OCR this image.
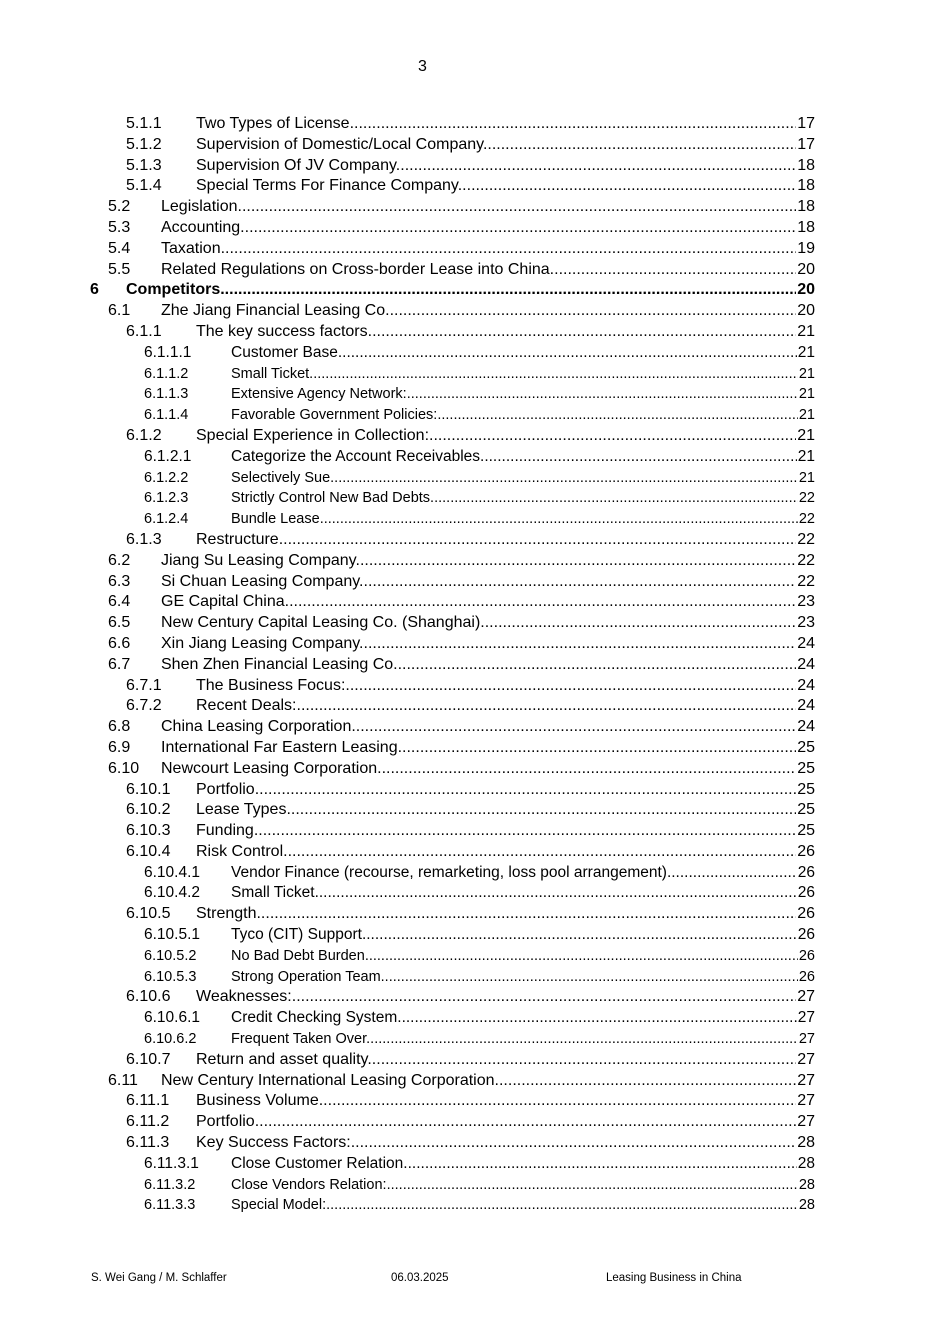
3
5.1.1 Two Types of License .....	17
5.1.2 Supervision of Domestic/Local Company .....	17
5.1.3 Supervision Of JV Company .....	18
5.1.4 Special Terms For Finance Company .....	18
5.2 Legislation .....	18
5.3 Accounting .....	18
5.4 Taxation .....	19
5.5 Related Regulations on Cross-border Lease into China .....	20
6 Competitors .....	20
6.1 Zhe Jiang Financial Leasing Co. .....	20
6.1.1 The key success factors .....	21
6.1.1.1	Customer Base .....	21
6.1.1.2	Small Ticket .....	21
6.1.1.3	Extensive Agency Network: .....	21
6.1.1.4	Favorable Government Policies: .....	21
6.1.2 Special Experience in Collection: .....	21
6.1.2.1	Categorize the Account Receivables .....	21
6.1.2.2	Selectively Sue .....	21
6.1.2.3	Strictly Control New Bad Debts .....	22
6.1.2.4	Bundle Lease .....	22
6.1.3 Restructure .....	22
6.2 Jiang Su Leasing Company .....	22
6.3 Si Chuan Leasing Company .....	22
6.4 GE Capital China .....	23
6.5 New Century Capital Leasing Co. (Shanghai) .....	23
6.6 Xin Jiang Leasing Company .....	24
6.7 Shen Zhen Financial Leasing Co. .....	24
6.7.1 The Business Focus: .....	24
6.7.2 Recent Deals: .....	24
6.8 China Leasing Corporation .....	24
6.9 International Far Eastern Leasing .....	25
6.10 Newcourt Leasing Corporation .....	25
6.10.1 Portfolio .....	25
6.10.2 Lease Types .....	25
6.10.3 Funding .....	25
6.10.4 Risk Control .....	26
6.10.4.1 Vendor Finance (recourse, remarketing, loss pool arrangement) .....	26
6.10.4.2 Small Ticket .....	26
6.10.5 Strength .....	26
6.10.5.1 Tyco (CIT) Support .....	26
6.10.5.2 No Bad Debt Burden .....	26
6.10.5.3 Strong Operation Team .....	26
6.10.6 Weaknesses: .....	27
6.10.6.1 Credit Checking System .....	27
6.10.6.2 Frequent Taken Over .....	27
6.10.7 Return and asset quality .....	27
6.11 New Century International Leasing Corporation .....	27
6.11.1 Business Volume .....	27
6.11.2 Portfolio .....	27
6.11.3 Key Success Factors: .....	28
6.11.3.1 Close Customer Relation .....	28
6.11.3.2 Close Vendors Relation: .....	28
6.11.3.3 Special Model: .....	28
S. Wei Gang / M. Schlaffer	06.03.2025	Leasing Business in China
